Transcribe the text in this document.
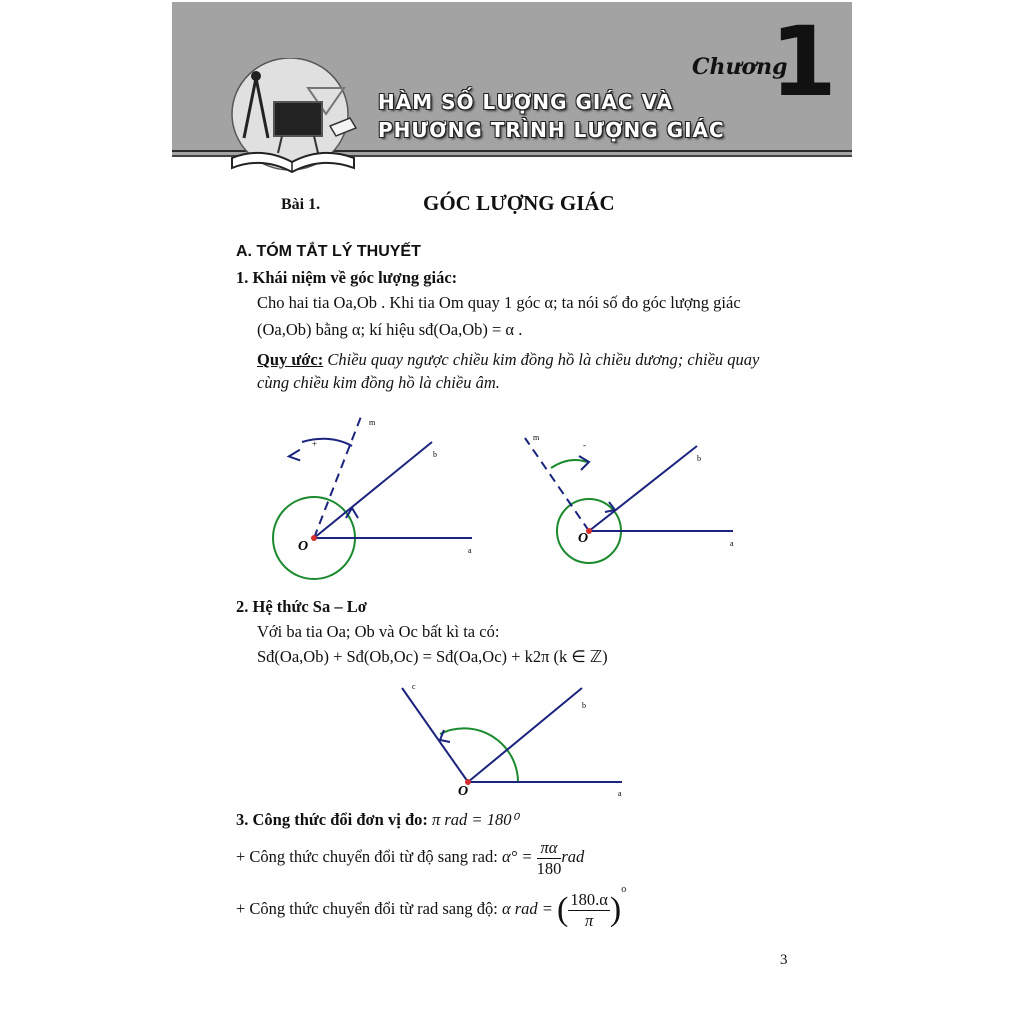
HÀM SỐ LƯỢNG GIÁC VÀ
PHƯƠNG TRÌNH LƯỢNG GIÁC
Chương
1
Bài 1.	GÓC LƯỢNG GIÁC
A. TÓM TẮT LÝ THUYẾT
1. Khái niệm về góc lượng giác:
Cho hai tia Oa,Ob . Khi tia Om quay 1 góc α; ta nói số đo góc lượng giác
(Oa,Ob) bằng α; kí hiệu sđ(Oa,Ob) = α .
Quy ước: Chiều quay ngược chiều kim đồng hồ là chiều dương; chiều quay
cùng chiều kim đồng hồ là chiều âm.
O	a
b
m
+
O	a
b
m
-
2. Hệ thức Sa – Lơ
Với ba tia Oa; Ob và Oc bất kì ta có:
Sđ(Oa,Ob) + Sđ(Ob,Oc) = Sđ(Oa,Oc) + k2π (k ∈ ℤ)
O	a
b
c
3. Công thức đổi đơn vị đo: π rad = 180⁰
+ Công thức chuyển đổi từ độ sang rad: $\alpha^\circ = \frac{\pi\alpha}{180}$ rad
+ Công thức chuyển đổi từ rad sang độ: α rad = ( $\frac{180.\alpha}{\pi} )^o$
3
